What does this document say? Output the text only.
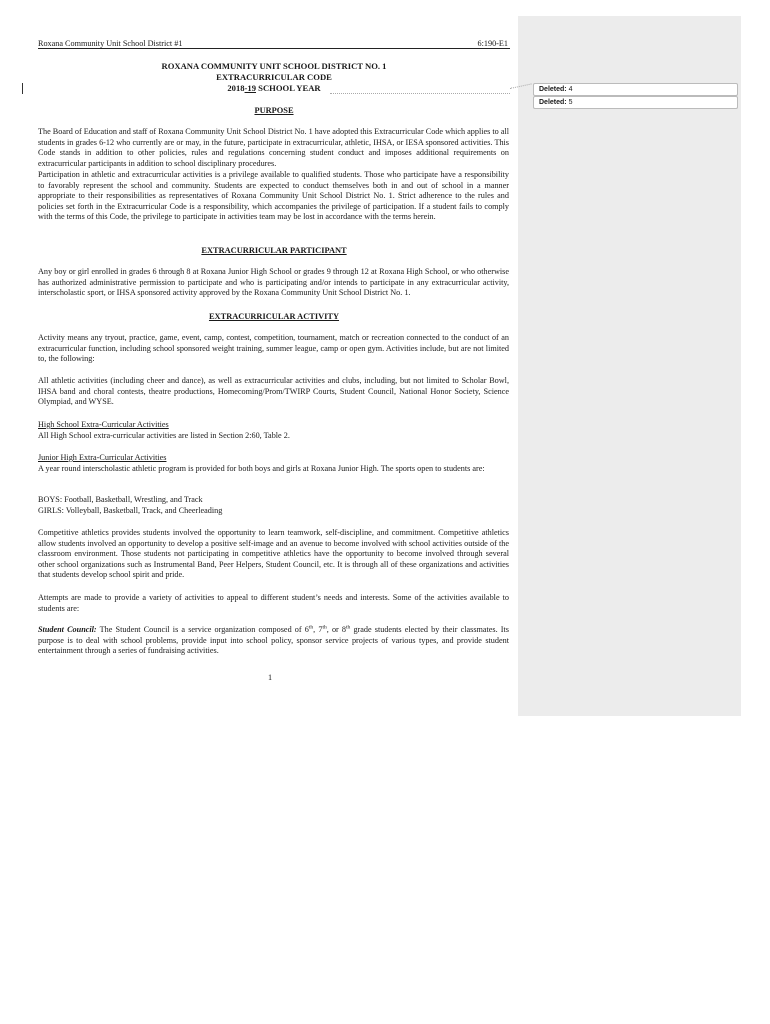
Roxana Community Unit School District #1	6:190-E1
ROXANA COMMUNITY UNIT SCHOOL DISTRICT NO. 1
EXTRACURRICULAR CODE
2018-19 SCHOOL YEAR	Deleted: 4
Deleted: 5
PURPOSE
The Board of Education and staff of Roxana Community Unit School District No. 1 have adopted this Extracurricular Code which applies to all students in grades 6-12 who currently are or may, in the future, participate in extracurricular, athletic, IHSA, or IESA sponsored activities. This Code stands in addition to other policies, rules and regulations concerning student conduct and imposes additional requirements on extracurricular participants in addition to school disciplinary procedures.
Participation in athletic and extracurricular activities is a privilege available to qualified students. Those who participate have a responsibility to favorably represent the school and community. Students are expected to conduct themselves both in and out of school in a manner appropriate to their responsibilities as representatives of Roxana Community Unit School District No. 1. Strict adherence to the rules and policies set forth in the Extracurricular Code is a responsibility, which accompanies the privilege of participation. If a student fails to comply with the terms of this Code, the privilege to participate in activities team may be lost in accordance with the terms herein.
EXTRACURRICULAR PARTICIPANT
Any boy or girl enrolled in grades 6 through 8 at Roxana Junior High School or grades 9 through 12 at Roxana High School, or who otherwise has authorized administrative permission to participate and who is participating and/or intends to participate in any extracurricular activity, interscholastic sport, or IHSA sponsored activity approved by the Roxana Community Unit School District No. 1.
EXTRACURRICULAR ACTIVITY
Activity means any tryout, practice, game, event, camp, contest, competition, tournament, match or recreation connected to the conduct of an extracurricular function, including school sponsored weight training, summer league, camp or open gym. Activities include, but are not limited to, the following:
All athletic activities (including cheer and dance), as well as extracurricular activities and clubs, including, but not limited to Scholar Bowl, IHSA band and choral contests, theatre productions, Homecoming/Prom/TWIRP Courts, Student Council, National Honor Society, Science Olympiad, and WYSE.
High School Extra-Curricular Activities
All High School extra-curricular activities are listed in Section 2:60, Table 2.
Junior High Extra-Curricular Activities
A year round interscholastic athletic program is provided for both boys and girls at Roxana Junior High. The sports open to students are:
BOYS: Football, Basketball, Wrestling, and Track
GIRLS: Volleyball, Basketball, Track, and Cheerleading
Competitive athletics provides students involved the opportunity to learn teamwork, self-discipline, and commitment. Competitive athletics allow students involved an opportunity to develop a positive self-image and an avenue to become involved with school activities outside of the classroom environment. Those students not participating in competitive athletics have the opportunity to become involved through several other school organizations such as Instrumental Band, Peer Helpers, Student Council, etc. It is through all of these organizations and activities that students develop school spirit and pride.
Attempts are made to provide a variety of activities to appeal to different student’s needs and interests. Some of the activities available to students are:
Student Council: The Student Council is a service organization composed of 6th, 7th, or 8th grade students elected by their classmates. Its purpose is to deal with school problems, provide input into school policy, sponsor service projects of various types, and provide student entertainment through a series of fundraising activities.
1
